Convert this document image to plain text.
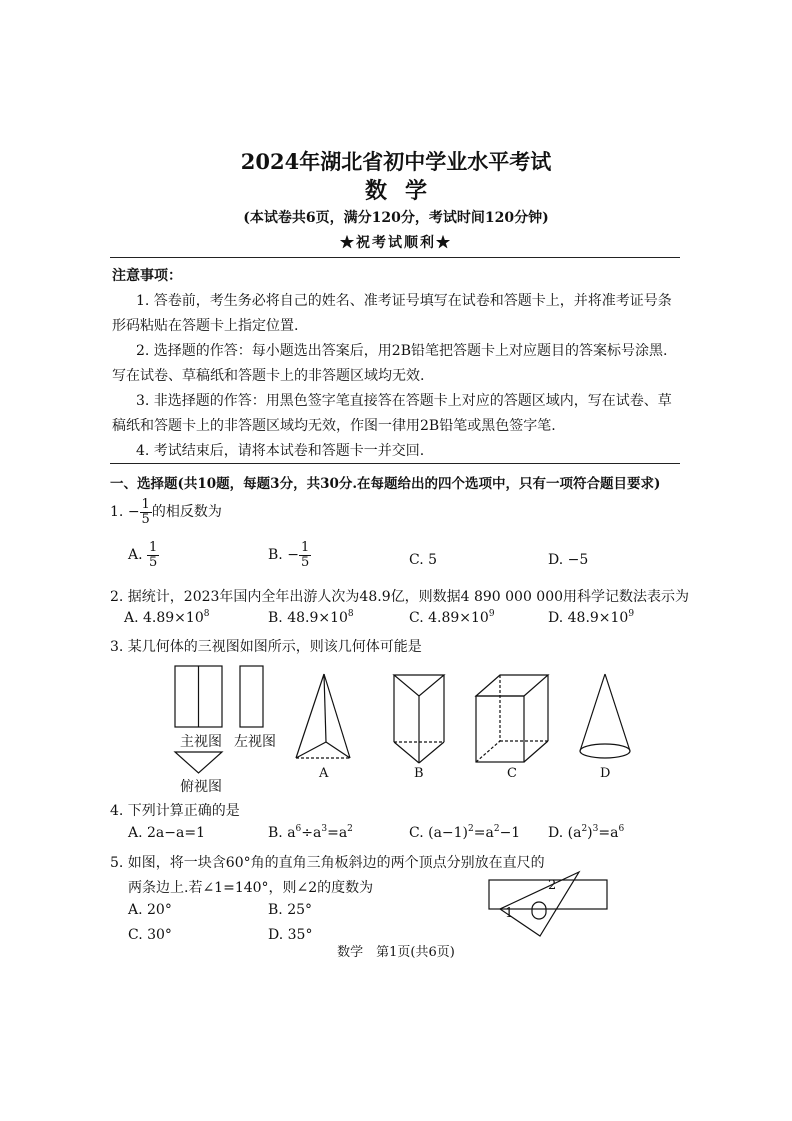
2024年湖北省初中学业水平考试
数学
(本试卷共6页，满分120分，考试时间120分钟)
★祝考试顺利★
注意事项：
1. 答卷前，考生务必将自己的姓名、准考证号填写在试卷和答题卡上，并将准考证号条
形码粘贴在答题卡上指定位置.
2. 选择题的作答：每小题选出答案后，用2B铅笔把答题卡上对应题目的答案标号涂黑.
写在试卷、草稿纸和答题卡上的非答题区域均无效.
3. 非选择题的作答：用黑色签字笔直接答在答题卡上对应的答题区域内，写在试卷、草
稿纸和答题卡上的非答题区域均无效，作图一律用2B铅笔或黑色签字笔.
4. 考试结束后，请将本试卷和答题卡一并交回.
一、选择题(共10题，每题3分，共30分.在每题给出的四个选项中，只有一项符合题目要求)
1. − $\frac{1}{5}$ 的相反数为
A. $\frac{1}{5}$	B. − $\frac{1}{5}$	C. 5	D. −5
2. 据统计，2023年国内全年出游人次为48.9亿，则数据4 890 000 000用科学记数法表示为
A. $4.89\times 10^8$	B. $48.9\times 10^8$	C. $4.89\times 10^9$	D. $48.9\times 10^9$
3. 某几何体的三视图如图所示，则该几何体可能是
主视图 左视图
俯视图
A	B	C	D
4. 下列计算正确的是
A. 2a−a=1	B. $a^6\div a^3=a^2$	C. $(a-1)^2=a^2-1$ D. $(a^2)^3=a^6$
5. 如图，将一块含60°角的直角三角板斜边的两个顶点分别放在直尺的
两条边上.若∠1=140°，则∠2的度数为
A. 20°	B. 25°
C. 30°	D. 35°
2
1
数学　第1页(共6页)
